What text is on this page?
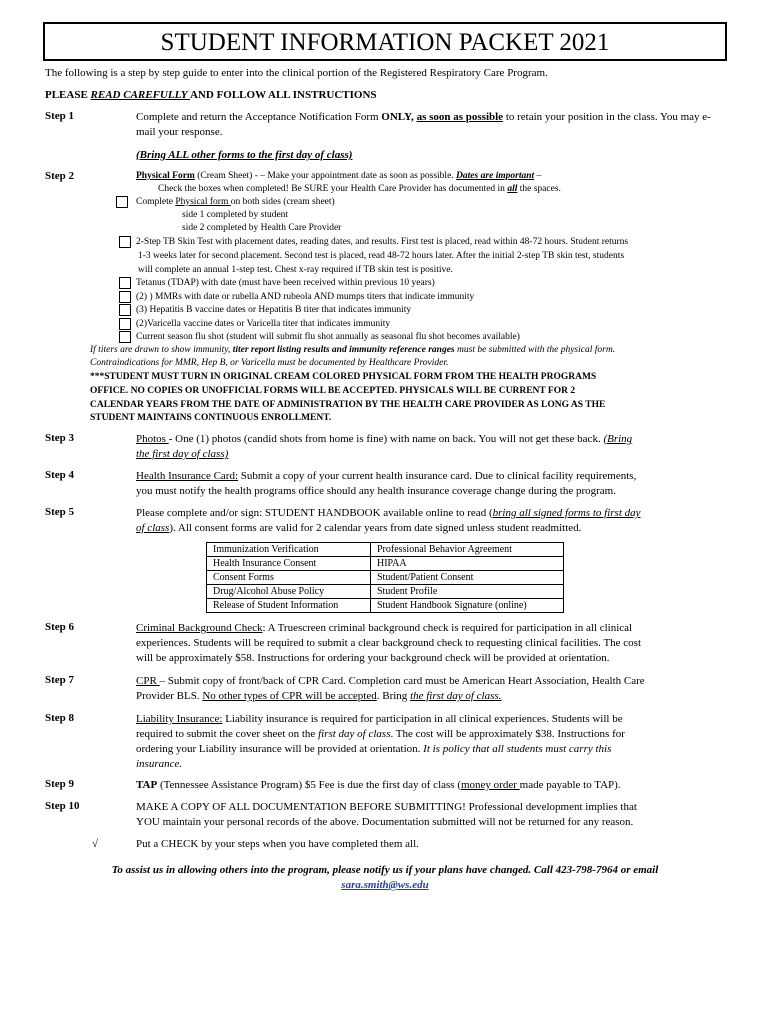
STUDENT INFORMATION PACKET 2021
The following is a step by step guide to enter into the clinical portion of the Registered Respiratory Care Program.
PLEASE READ CAREFULLY AND FOLLOW ALL INSTRUCTIONS
Step 1	Complete and return the Acceptance Notification Form ONLY, as soon as possible to retain your position in the class. You may e-mail your response.
(Bring ALL other forms to the first day of class)
Step 2	Physical Form (Cream Sheet) - – Make your appointment date as soon as possible. Dates are important –
Check the boxes when completed! Be SURE your Health Care Provider has documented in all the spaces.
Complete Physical form on both sides (cream sheet)
side 1 completed by student
side 2 completed by Health Care Provider
2-Step TB Skin Test with placement dates, reading dates, and results. First test is placed, read within 48-72 hours. Student returns
1-3 weeks later for second placement. Second test is placed, read 48-72 hours later. After the initial 2-step TB skin test, students
will complete an annual 1-step test. Chest x-ray required if TB skin test is positive.
Tetanus (TDAP) with date (must have been received within previous 10 years)
(2) ) MMRs with date or rubella AND rubeola AND mumps titers that indicate immunity
(3) Hepatitis B vaccine dates or Hepatitis B titer that indicates immunity
(2)Varicella vaccine dates or Varicella titer that indicates immunity
Current season flu shot (student will submit flu shot annually as seasonal flu shot becomes available)
If titers are drawn to show immunity, titer report listing results and immunity reference ranges must be submitted with the physical form.
Contraindications for MMR, Hep B, or Varicella must be documented by Healthcare Provider.
***STUDENT MUST TURN IN ORIGINAL CREAM COLORED PHYSICAL FORM FROM THE HEALTH PROGRAMS
OFFICE. NO COPIES OR UNOFFICIAL FORMS WILL BE ACCEPTED. PHYSICALS WILL BE CURRENT FOR 2
CALENDAR YEARS FROM THE DATE OF ADMINISTRATION BY THE HEALTH CARE PROVIDER AS LONG AS THE
STUDENT MAINTAINS CONTINUOUS ENROLLMENT.
Step 3	Photos - One (1) photos (candid shots from home is fine) with name on back. You will not get these back. (Bring
the first day of class)
Step 4	Health Insurance Card: Submit a copy of your current health insurance card. Due to clinical facility requirements,
you must notify the health programs office should any health insurance coverage change during the program.
Step 5	Please complete and/or sign: STUDENT HANDBOOK available online to read (bring all signed forms to first day
of class). All consent forms are valid for 2 calendar years from date signed unless student readmitted.
Immunization Verification	Professional Behavior Agreement
Health Insurance Consent	HIPAA
Consent Forms	Student/Patient Consent
Drug/Alcohol Abuse Policy	Student Profile
Release of Student Information	Student Handbook Signature (online)
Step 6	Criminal Background Check: A Truescreen criminal background check is required for participation in all clinical
experiences. Students will be required to submit a clear background check to requesting clinical facilities. The cost
will be approximately $58. Instructions for ordering your background check will be provided at orientation.
Step 7	CPR – Submit copy of front/back of CPR Card. Completion card must be American Heart Association, Health Care
Provider BLS. No other types of CPR will be accepted. Bring the first day of class.
Step 8	Liability Insurance: Liability insurance is required for participation in all clinical experiences. Students will be
required to submit the cover sheet on the first day of class. The cost will be approximately $38. Instructions for
ordering your Liability insurance will be provided at orientation. It is policy that all students must carry this
insurance.
Step 9	TAP (Tennessee Assistance Program) $5 Fee is due the first day of class (money order made payable to TAP).
Step 10	MAKE A COPY OF ALL DOCUMENTATION BEFORE SUBMITTING! Professional development implies that
YOU maintain your personal records of the above. Documentation submitted will not be returned for any reason.
√	Put a CHECK by your steps when you have completed them all.
To assist us in allowing others into the program, please notify us if your plans have changed. Call 423-798-7964 or email
sara.smith@ws.edu
